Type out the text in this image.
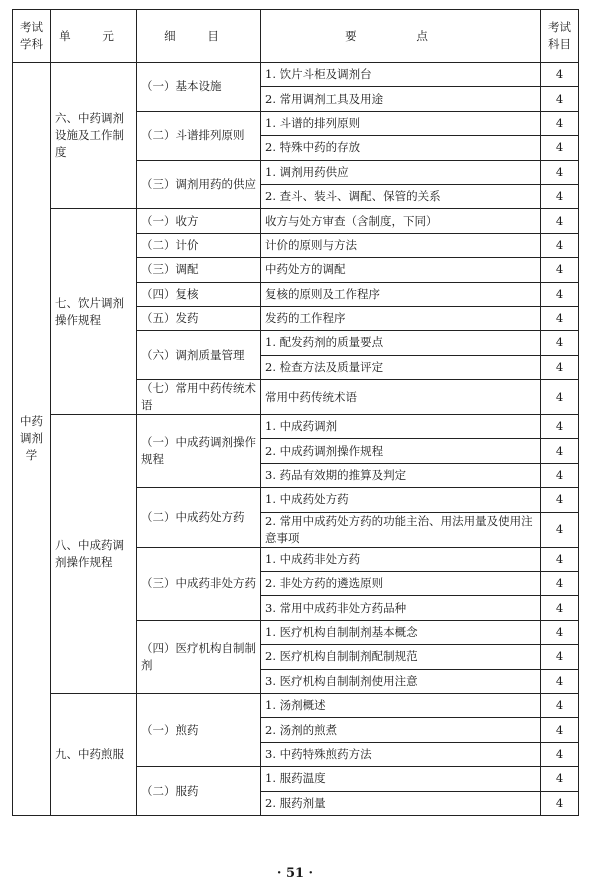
考试学科	单 元	细 目	要 点	考试科目
中药调剂学	六、中药调剂设施及工作制度	（一）基本设施	1. 饮片斗柜及调剂台	4
			2. 常用调剂工具及用途	4
		（二）斗谱排列原则	1. 斗谱的排列原则	4
			2. 特殊中药的存放	4
		（三）调剂用药的供应	1. 调剂用药供应	4
			2. 查斗、装斗、调配、保管的关系	4
	七、饮片调剂操作规程	（一）收方	收方与处方审查（含制度，下同）	4
		（二）计价	计价的原则与方法	4
		（三）调配	中药处方的调配	4
		（四）复核	复核的原则及工作程序	4
		（五）发药	发药的工作程序	4
		（六）调剂质量管理	1. 配发药剂的质量要点	4
			2. 检查方法及质量评定	4
		（七）常用中药传统术语	常用中药传统术语	4
	八、中成药调剂操作规程	（一）中成药调剂操作规程	1. 中成药调剂	4
			2. 中成药调剂操作规程	4
			3. 药品有效期的推算及判定	4
		（二）中成药处方药	1. 中成药处方药	4
			2. 常用中成药处方药的功能主治、用法用量及使用注意事项	4
		（三）中成药非处方药	1. 中成药非处方药	4
			2. 非处方药的遴选原则	4
			3. 常用中成药非处方药品种	4
		（四）医疗机构自制制剂	1. 医疗机构自制制剂基本概念	4
			2. 医疗机构自制制剂配制规范	4
			3. 医疗机构自制制剂使用注意	4
	九、中药煎服	（一）煎药	1. 汤剂概述	4
			2. 汤剂的煎煮	4
			3. 中药特殊煎药方法	4
		（二）服药	1. 服药温度	4
			2. 服药剂量	4
· 51 ·
